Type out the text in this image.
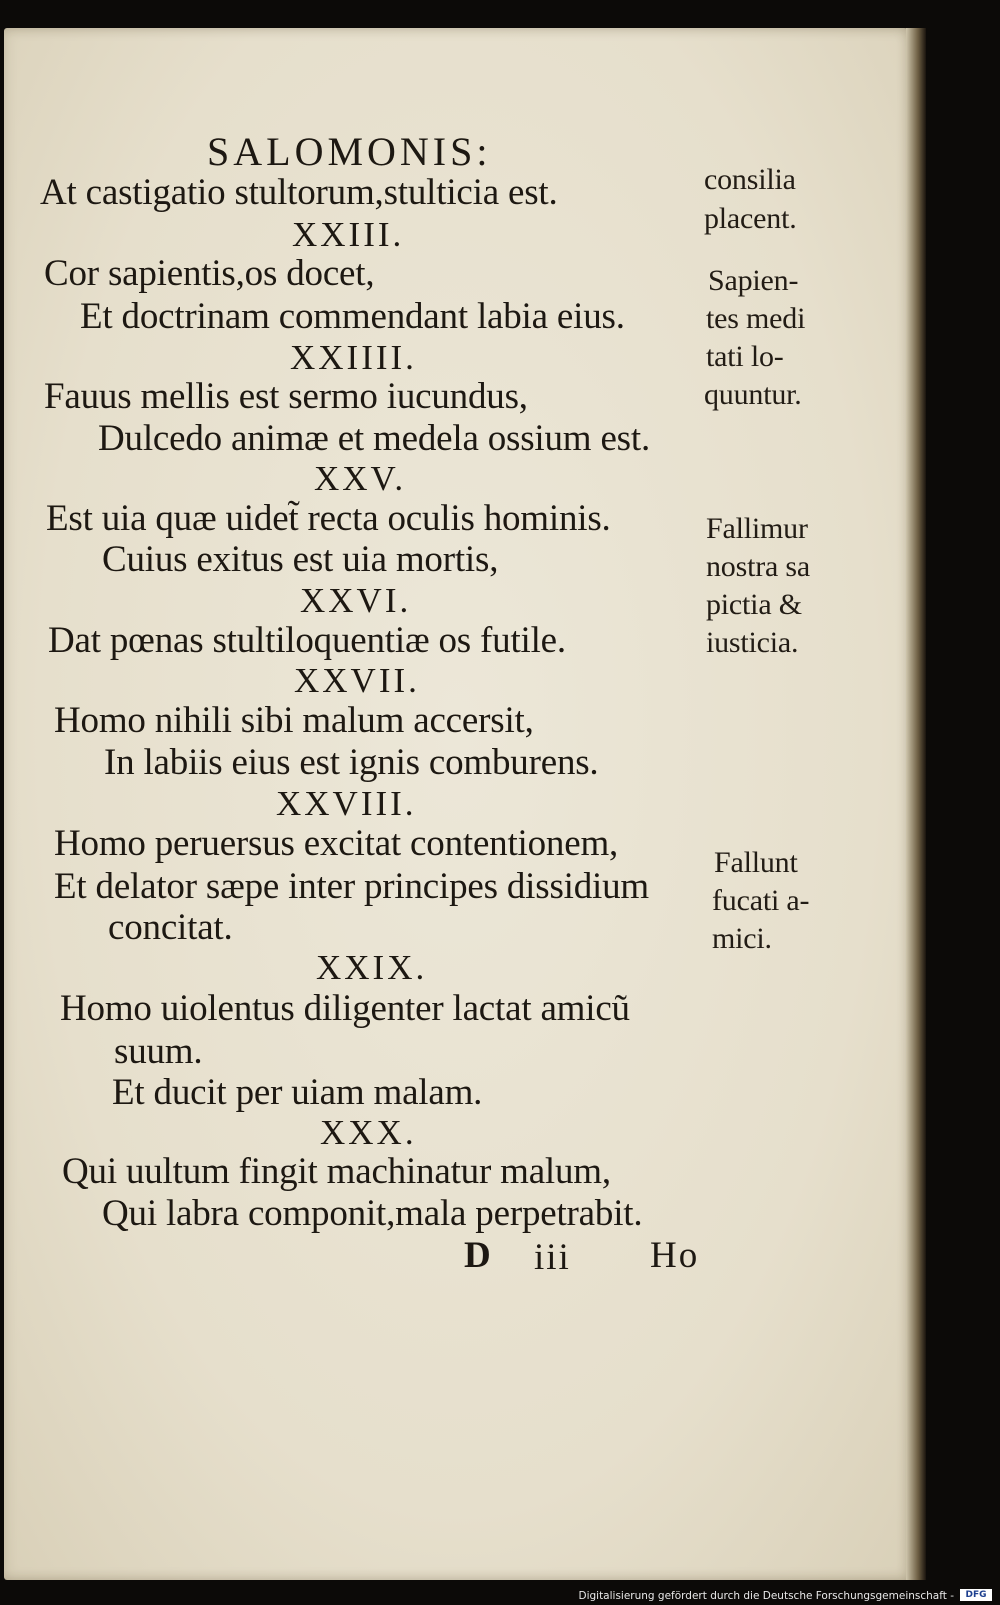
SALOMONIS:
At castigatio stultorum,stulticia est.
XXIII.
Cor sapientis,os docet,
Et doctrinam commendant labia eius.
XXIIII.
Fauus mellis est sermo iucundus,
Dulcedo animæ et medela ossium est.
XXV.
Est uia quæ uidet̃ recta oculis hominis.
Cuius exitus est uia mortis,
XXVI.
Dat pœnas stultiloquentiæ os futile.
XXVII.
Homo nihili sibi malum accersit,
In labiis eius est ignis comburens.
XXVIII.
Homo peruersus excitat contentionem,
Et delator sæpe inter principes dissidium
concitat.
XXIX.
Homo uiolentus diligenter lactat amicũ
suum.
Et ducit per uiam malam.
XXX.
Qui uultum fingit machinatur malum,
Qui labra componit,mala perpetrabit.
D iii Ho
consilia
placent.
Sapien-
tes medi
tati lo-
quuntur.
Fallimur
nostra sa
pictia &
iusticia.
Fallunt
fucati a-
mici.
Digitalisierung gefördert durch die Deutsche Forschungsgemeinschaft -	DFG
